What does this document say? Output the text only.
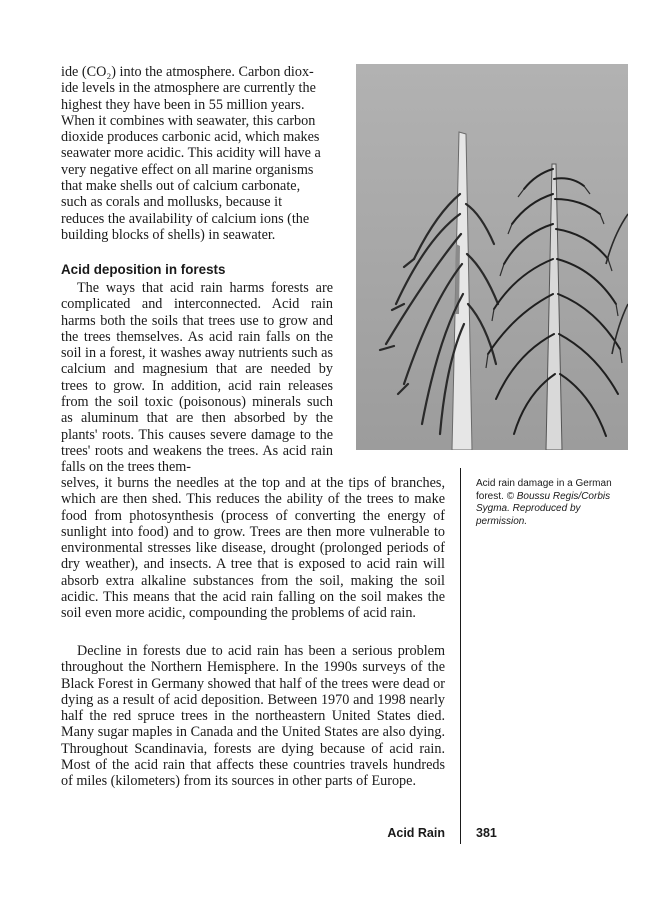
ide (CO₂) into the atmosphere. Carbon diox-
ide levels in the atmosphere are currently the
highest they have been in 55 million years.
When it combines with seawater, this carbon
dioxide produces carbonic acid, which makes
seawater more acidic. This acidity will have a
very negative effect on all marine organisms
that make shells out of calcium carbonate,
such as corals and mollusks, because it
reduces the availability of calcium ions (the
building blocks of shells) in seawater.
Acid deposition in forests

The ways that acid rain harms forests are complicated and interconnected. Acid rain harms both the soils that trees use to grow and the trees themselves. As acid rain falls on the soil in a forest, it washes away nutrients such as calcium and magnesium that are needed by trees to grow. In addition, acid rain releases from the soil toxic (poisonous) minerals such as aluminum that are then absorbed by the plants' roots. This causes severe damage to the trees' roots and weakens the trees. As acid rain falls on the trees them-

selves, it burns the needles at the top and at the tips of branches, which are then shed. This reduces the ability of the trees to make food from photosynthesis (process of converting the energy of sunlight into food) and to grow. Trees are then more vulnerable to environmental stresses like disease, drought (prolonged periods of dry weather), and insects. A tree that is exposed to acid rain will absorb extra alkaline substances from the soil, making the soil acidic. This means that the acid rain falling on the soil makes the soil even more acidic, compounding the problems of acid rain.

Decline in forests due to acid rain has been a serious problem throughout the Northern Hemisphere. In the 1990s surveys of the Black Forest in Germany showed that half of the trees were dead or dying as a result of acid deposition. Between 1970 and 1998 nearly half the red spruce trees in the northeastern United States died. Many sugar maples in Canada and the United States are also dying. Throughout Scandinavia, forests are dying because of acid rain. Most of the acid rain that affects these countries travels hundreds of miles (kilometers) from its sources in other parts of Europe.

Acid rain damage in a German forest. © Boussu Regis/Corbis Sygma. Reproduced by permission.

Acid Rain 381
